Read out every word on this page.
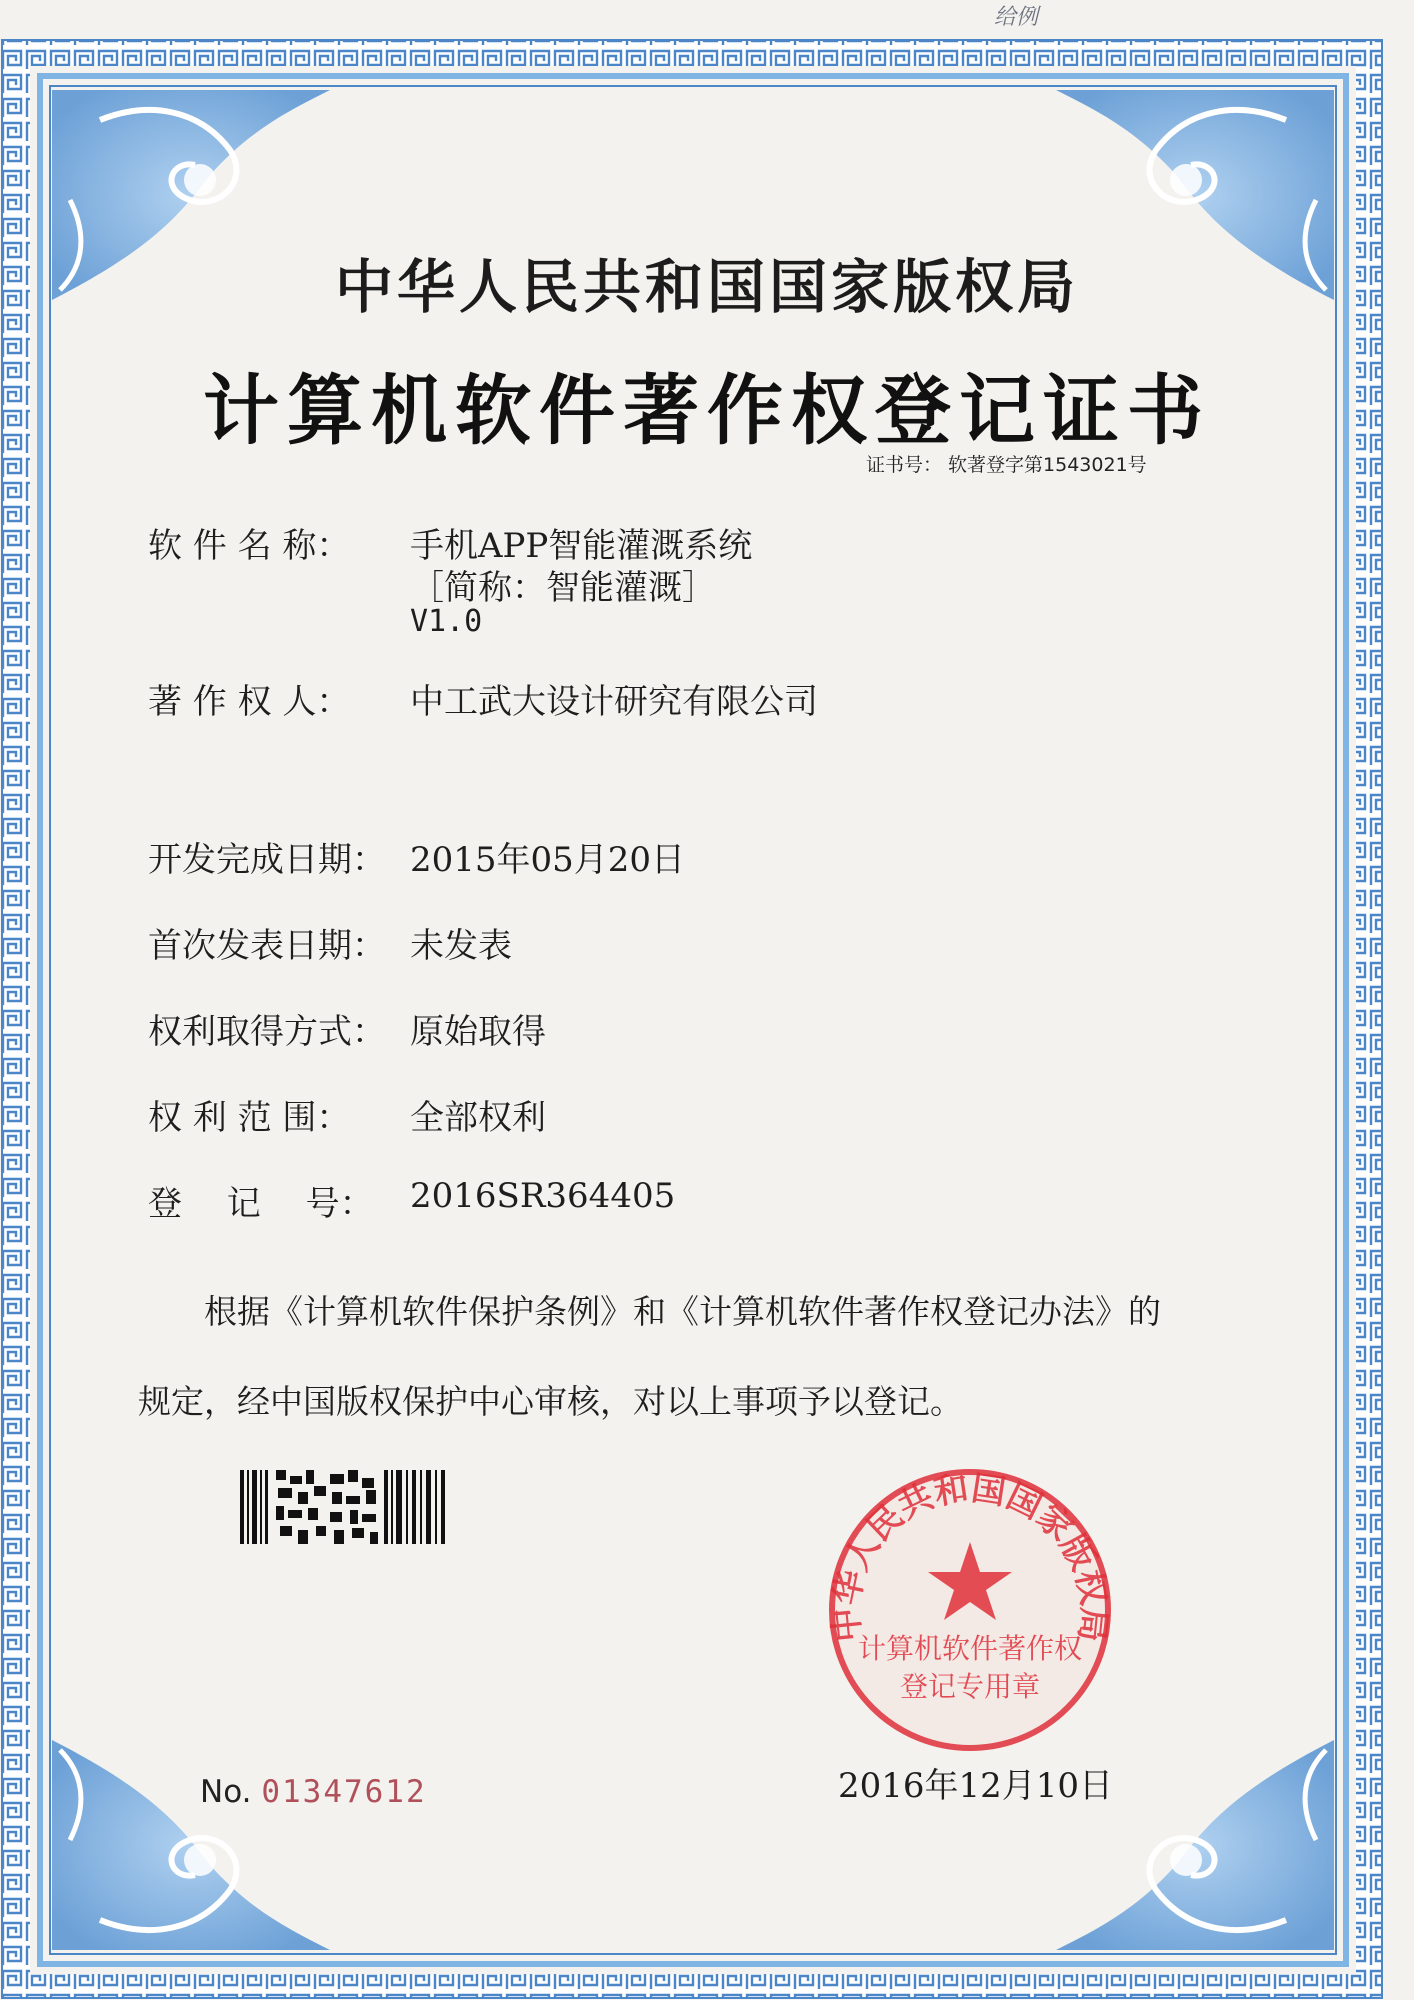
给例
中华人民共和国国家版权局
计算机软件著作权登记证书
证书号： 软著登字第1543021号
软 件 名 称： 手机APP智能灌溉系统
［简称：智能灌溉］
V1.0
著 作 权 人： 中工武大设计研究有限公司
开发完成日期： 2015年05月20日
首次发表日期： 未发表
权利取得方式： 原始取得
权 利 范 围： 全部权利
登　 记　 号： 2016SR364405
根据《计算机软件保护条例》和《计算机软件著作权登记办法》的
规定，经中国版权保护中心审核，对以上事项予以登记。
No. 01347612
中华人民共和国国家版权局
计算机软件著作权
登记专用章
2016年12月10日
